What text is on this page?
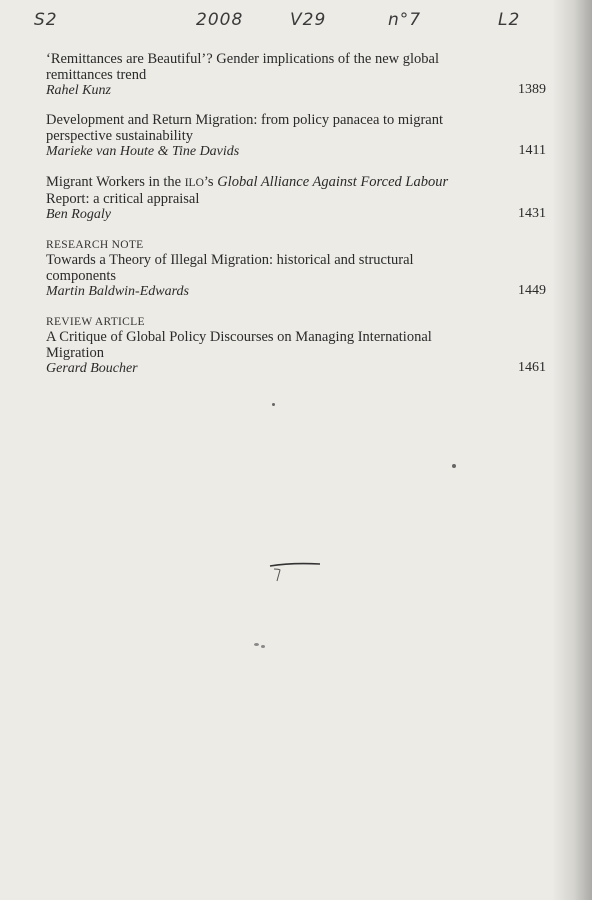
S2	2008	V29	n°7	L2
‘Remittances are Beautiful’? Gender implications of the new global
remittances trend
Rahel Kunz	1389
Development and Return Migration: from policy panacea to migrant
perspective sustainability
Marieke van Houte & Tine Davids	1411
Migrant Workers in the ILO’s Global Alliance Against Forced Labour
Report: a critical appraisal
Ben Rogaly	1431
RESEARCH NOTE
Towards a Theory of Illegal Migration: historical and structural
components
Martin Baldwin-Edwards	1449
REVIEW ARTICLE
A Critique of Global Policy Discourses on Managing International
Migration
Gerard Boucher	1461
